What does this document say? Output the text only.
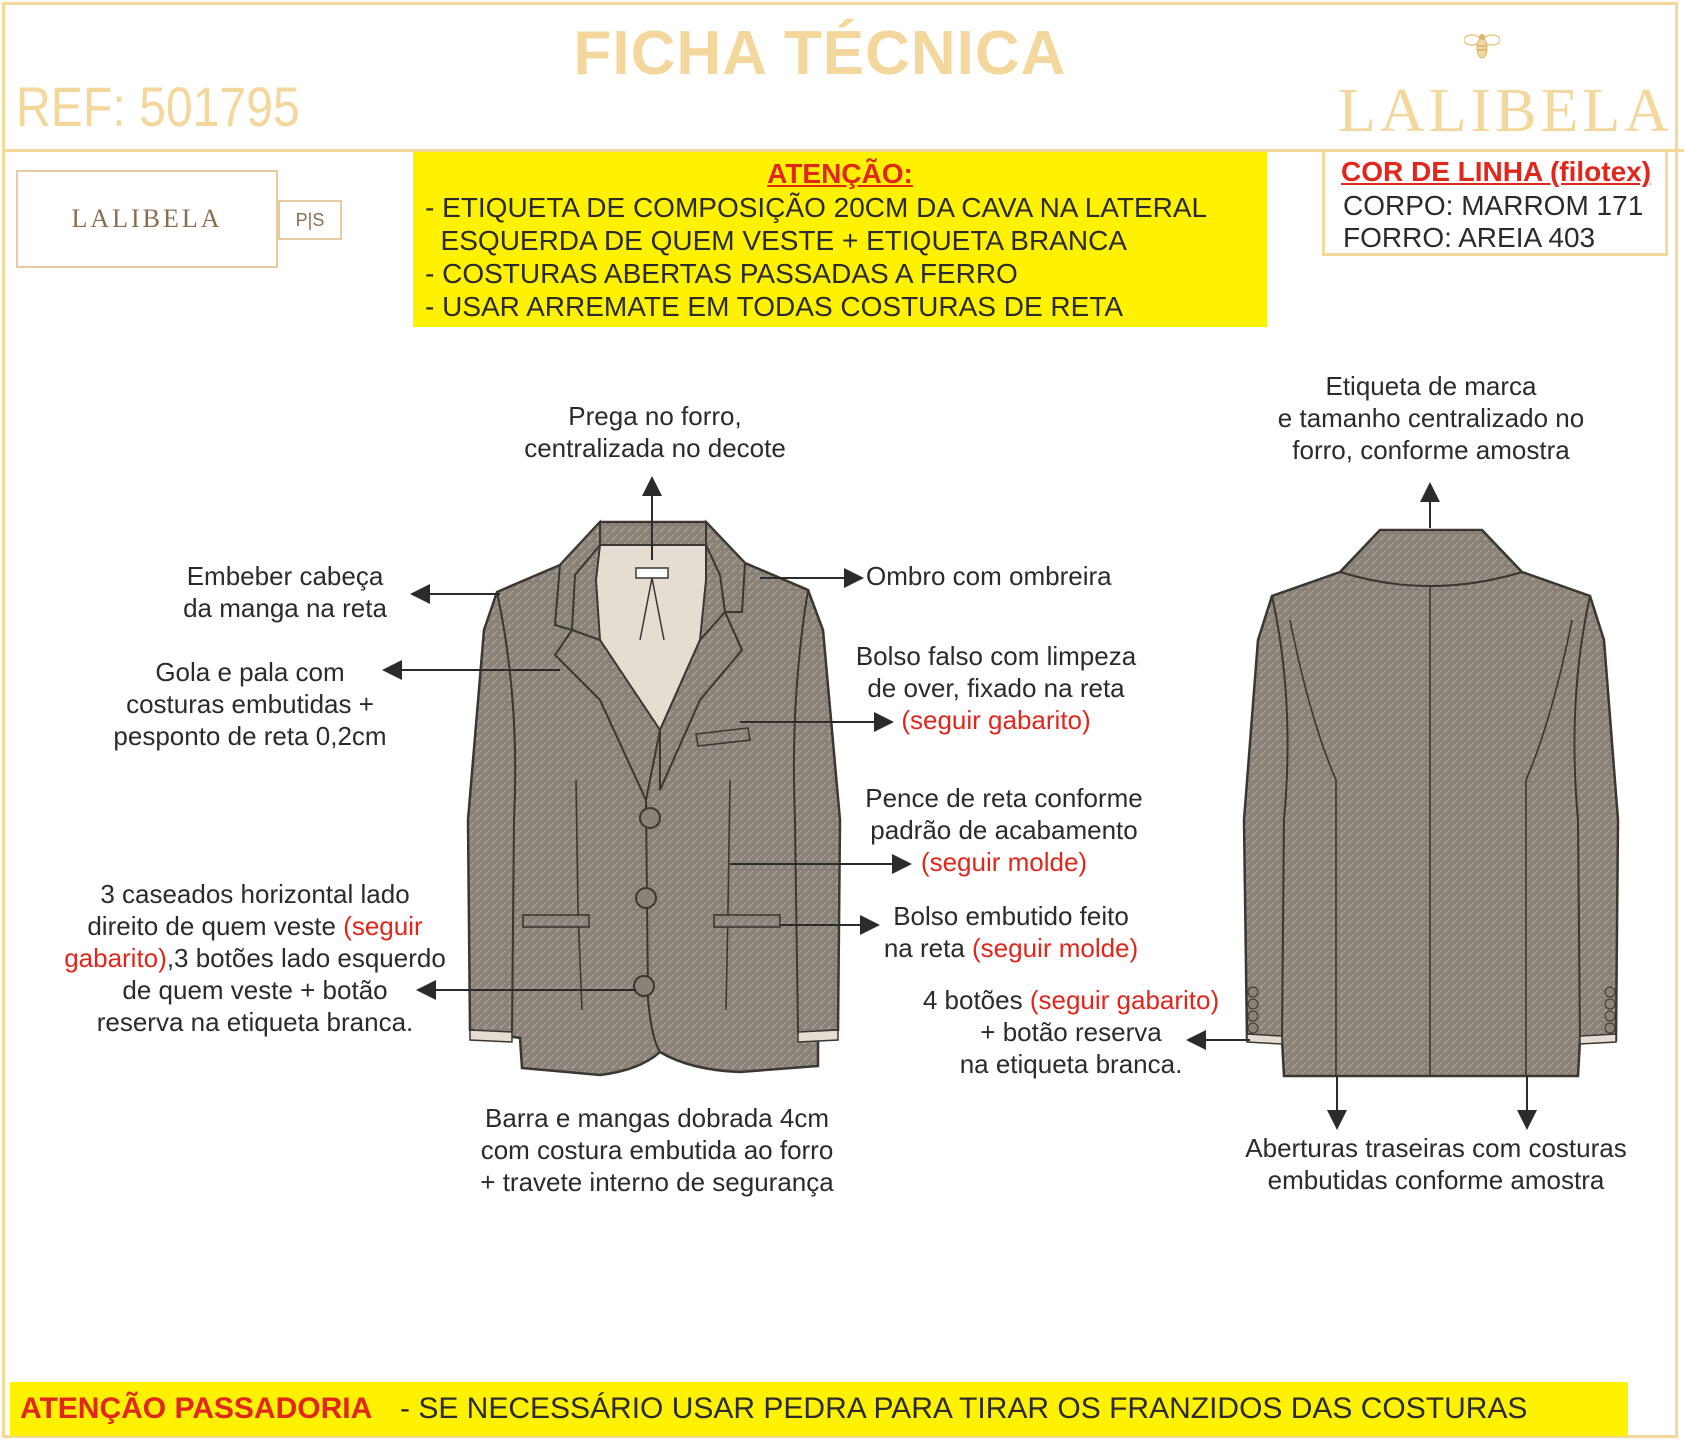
FICHA TÉCNICA
REF: 501795	LALIBELA
LALIBELA	P|S
ATENÇÃO:
- ETIQUETA DE COMPOSIÇÃO 20CM DA CAVA NA LATERAL
ESQUERDA DE QUEM VESTE + ETIQUETA BRANCA
- COSTURAS ABERTAS PASSADAS A FERRO
- USAR ARREMATE EM TODAS COSTURAS DE RETA
COR DE LINHA (filotex)
CORPO: MARROM 171
FORRO: AREIA 403
Prega no forro,
centralizada no decote
Embeber cabeça
da manga na reta
Ombro com ombreira
Gola e pala com
costuras embutidas +
pesponto de reta 0,2cm
Bolso falso com limpeza
de over, fixado na reta
(seguir gabarito)
Pence de reta conforme
padrão de acabamento
(seguir molde)
3 caseados horizontal lado
direito de quem veste (seguir
gabarito),3 botões lado esquerdo
de quem veste + botão
reserva na etiqueta branca.
Bolso embutido feito
na reta (seguir molde)
Barra e mangas dobrada 4cm
com costura embutida ao forro
+ travete interno de segurança
Etiqueta de marca
e tamanho centralizado no
forro, conforme amostra
4 botões (seguir gabarito)
+ botão reserva
na etiqueta branca.
Aberturas traseiras com costuras
embutidas conforme amostra
ATENÇÃO PASSADORIA - SE NECESSÁRIO USAR PEDRA PARA TIRAR OS FRANZIDOS DAS COSTURAS
